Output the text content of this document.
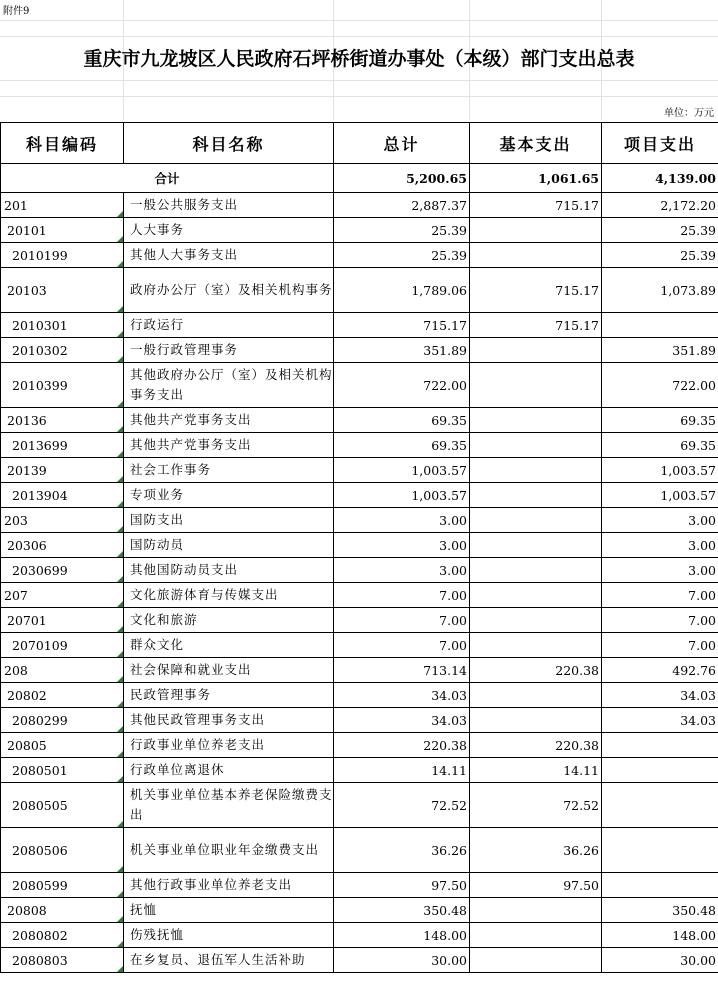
附件9
重庆市九龙坡区人民政府石坪桥街道办事处（本级）部门支出总表
单位：万元
科目编码	科目名称	总计	基本支出	项目支出
合计		5,200.65	1,061.65	4,139.00
201	一般公共服务支出	2,887.37	715.17	2,172.20
20101	人大事务	25.39		25.39
2010199	其他人大事务支出	25.39		25.39
20103	政府办公厅（室）及相关机构事务	1,789.06	715.17	1,073.89
2010301	行政运行	715.17	715.17	
2010302	一般行政管理事务	351.89		351.89
2010399	其他政府办公厅（室）及相关机构事务支出	722.00		722.00
20136	其他共产党事务支出	69.35		69.35
2013699	其他共产党事务支出	69.35		69.35
20139	社会工作事务	1,003.57		1,003.57
2013904	专项业务	1,003.57		1,003.57
203	国防支出	3.00		3.00
20306	国防动员	3.00		3.00
2030699	其他国防动员支出	3.00		3.00
207	文化旅游体育与传媒支出	7.00		7.00
20701	文化和旅游	7.00		7.00
2070109	群众文化	7.00		7.00
208	社会保障和就业支出	713.14	220.38	492.76
20802	民政管理事务	34.03		34.03
2080299	其他民政管理事务支出	34.03		34.03
20805	行政事业单位养老支出	220.38	220.38	
2080501	行政单位离退休	14.11	14.11	
2080505	机关事业单位基本养老保险缴费支出	72.52	72.52	
2080506	机关事业单位职业年金缴费支出	36.26	36.26	
2080599	其他行政事业单位养老支出	97.50	97.50	
20808	抚恤	350.48		350.48
2080802	伤残抚恤	148.00		148.00
2080803	在乡复员、退伍军人生活补助	30.00		30.00
